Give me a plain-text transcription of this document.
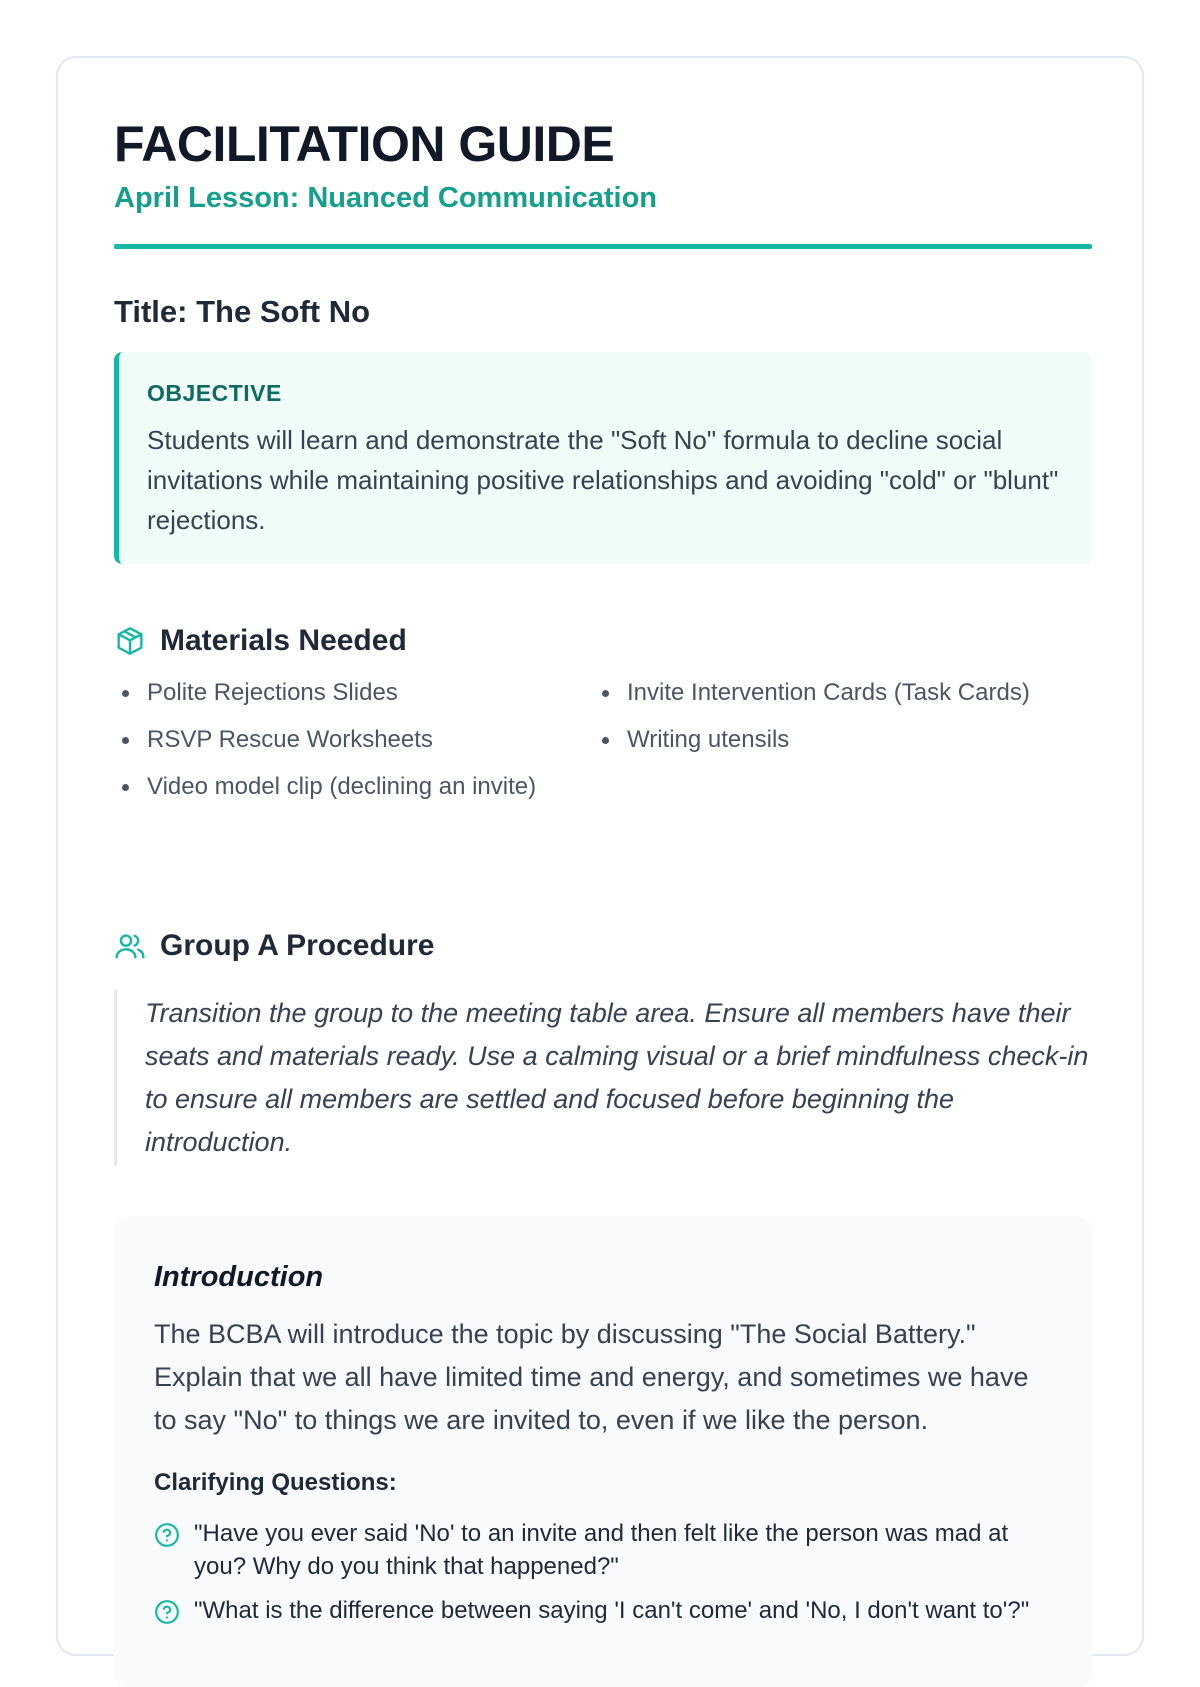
FACILITATION GUIDE
April Lesson: Nuanced Communication
Title: The Soft No
OBJECTIVE
Students will learn and demonstrate the "Soft No" formula to decline social invitations while maintaining positive relationships and avoiding "cold" or "blunt" rejections.
Materials Needed
Polite Rejections Slides
RSVP Rescue Worksheets
Video model clip (declining an invite)
Invite Intervention Cards (Task Cards)
Writing utensils
Group A Procedure
Transition the group to the meeting table area. Ensure all members have their seats and materials ready. Use a calming visual or a brief mindfulness check-in to ensure all members are settled and focused before beginning the introduction.
Introduction
The BCBA will introduce the topic by discussing "The Social Battery." Explain that we all have limited time and energy, and sometimes we have to say "No" to things we are invited to, even if we like the person.
Clarifying Questions:
"Have you ever said 'No' to an invite and then felt like the person was mad at you? Why do you think that happened?"
"What is the difference between saying 'I can't come' and 'No, I don't want to'?"
